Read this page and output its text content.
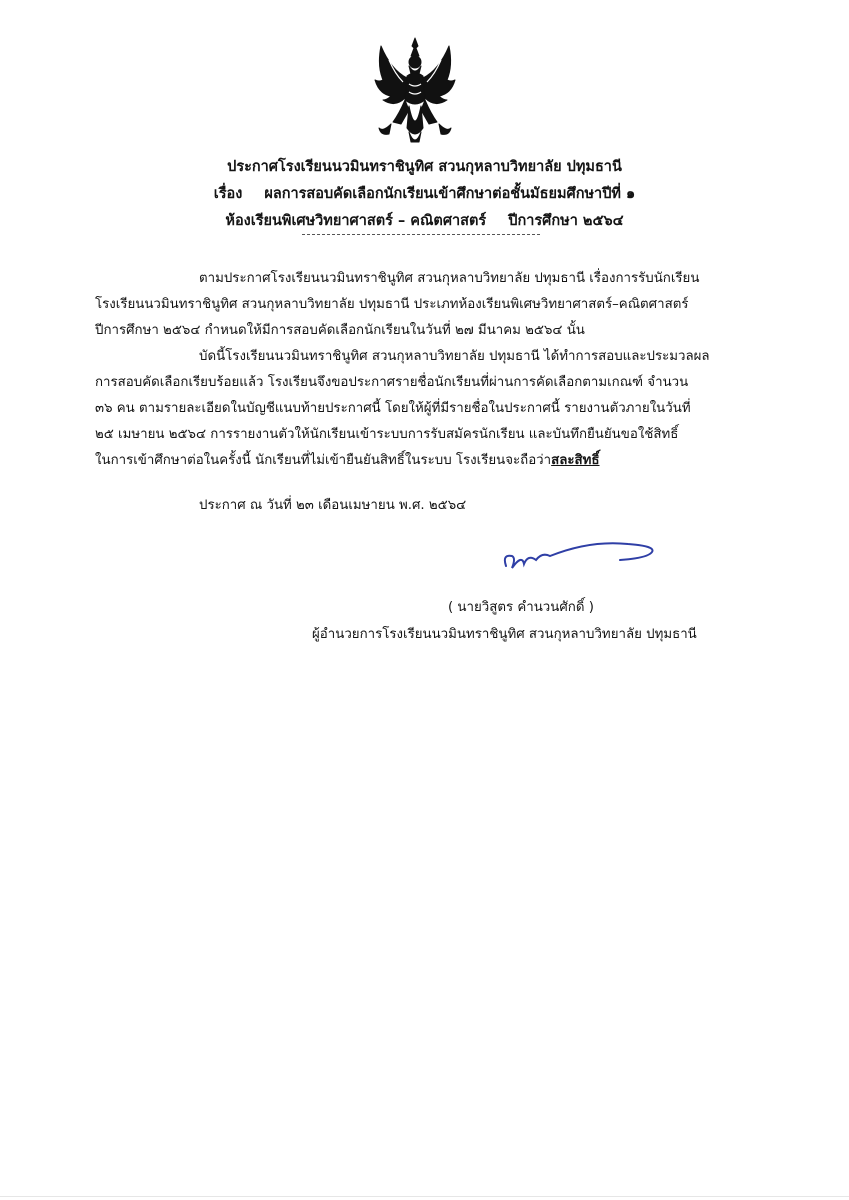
ประกาศโรงเรียนนวมินทราชินูทิศ สวนกุหลาบวิทยาลัย ปทุมธานี
เรื่อง ผลการสอบคัดเลือกนักเรียนเข้าศึกษาต่อชั้นมัธยมศึกษาปีที่ ๑
ห้องเรียนพิเศษวิทยาศาสตร์ – คณิตศาสตร์ ปีการศึกษา ๒๕๖๔
ตามประกาศโรงเรียนนวมินทราชินูทิศ สวนกุหลาบวิทยาลัย ปทุมธานี เรื่องการรับนักเรียน
โรงเรียนนวมินทราชินูทิศ สวนกุหลาบวิทยาลัย ปทุมธานี ประเภทห้องเรียนพิเศษวิทยาศาสตร์–คณิตศาสตร์
ปีการศึกษา ๒๕๖๔ กำหนดให้มีการสอบคัดเลือกนักเรียนในวันที่ ๒๗ มีนาคม ๒๕๖๔ นั้น
บัดนี้โรงเรียนนวมินทราชินูทิศ สวนกุหลาบวิทยาลัย ปทุมธานี ได้ทำการสอบและประมวลผล
การสอบคัดเลือกเรียบร้อยแล้ว โรงเรียนจึงขอประกาศรายชื่อนักเรียนที่ผ่านการคัดเลือกตามเกณฑ์ จำนวน
๓๖ คน ตามรายละเอียดในบัญชีแนบท้ายประกาศนี้ โดยให้ผู้ที่มีรายชื่อในประกาศนี้ รายงานตัวภายในวันที่
๒๕ เมษายน ๒๕๖๔ การรายงานตัวให้นักเรียนเข้าระบบการรับสมัครนักเรียน และบันทึกยืนยันขอใช้สิทธิ์
ในการเข้าศึกษาต่อในครั้งนี้ นักเรียนที่ไม่เข้ายืนยันสิทธิ์ในระบบ โรงเรียนจะถือว่าสละสิทธิ์
ประกาศ ณ วันที่ ๒๓ เดือนเมษายน พ.ศ. ๒๕๖๔
( นายวิสูตร คำนวนศักดิ์ )
ผู้อำนวยการโรงเรียนนวมินทราชินูทิศ สวนกุหลาบวิทยาลัย ปทุมธานี
